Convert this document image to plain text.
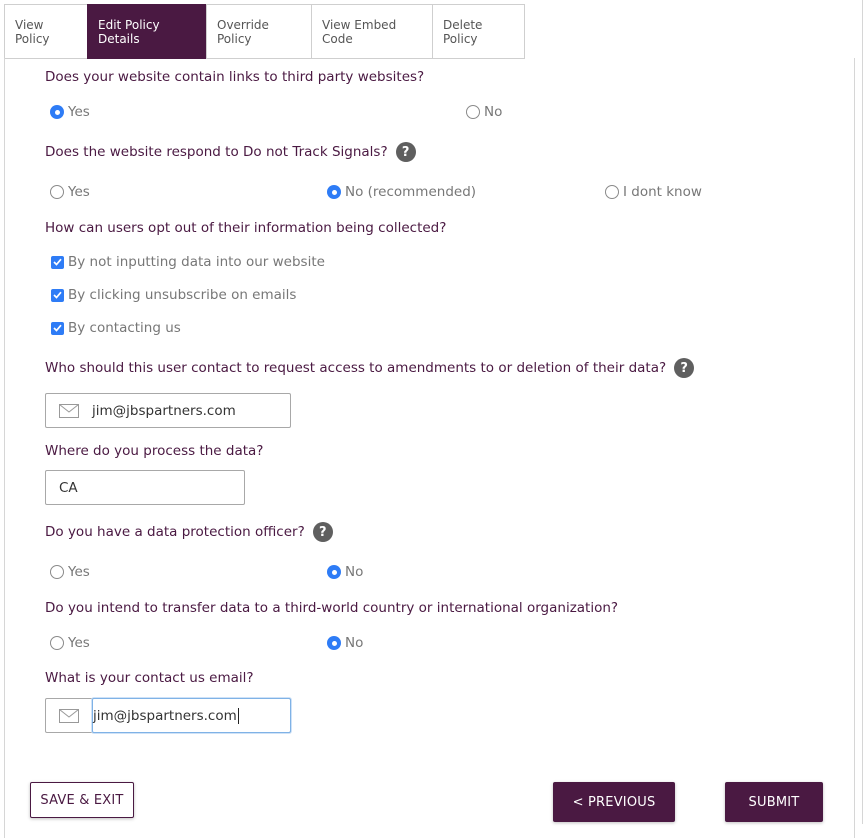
View Policy
Edit Policy Details
Override Policy
View Embed Code
Delete Policy
Does your website contain links to third party websites?
Yes	No
Does the website respond to Do not Track Signals?	?
Yes	No (recommended)	I dont know
How can users opt out of their information being collected?
By not inputting data into our website
By clicking unsubscribe on emails
By contacting us
Who should this user contact to request access to amendments to or deletion of their data?	?
jim@jbspartners.com
Where do you process the data?
CA
Do you have a data protection officer?	?
Yes	No
Do you intend to transfer data to a third-world country or international organization?
Yes	No
What is your contact us email?
jim@jbspartners.com
SAVE & EXIT	< PREVIOUS	SUBMIT
